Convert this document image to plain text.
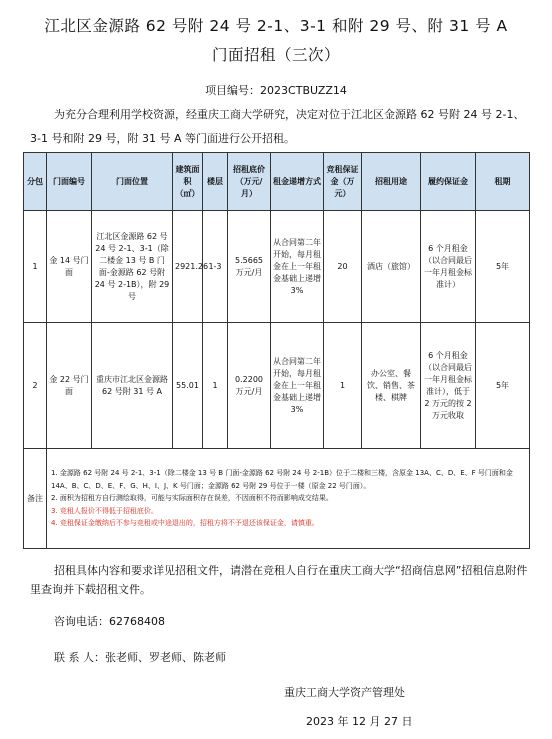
江北区金源路 62 号附 24 号 2-1、3-1 和附 29 号、附 31 号 A
门面招租（三次）
项目编号：2023CTBUZZ14
为充分合理利用学校资源，经重庆工商大学研究，决定对位于江北区金源路 62 号附 24 号 2-1、3-1 号和附 29 号，附 31 号 A 等门面进行公开招租。
分包	门面编号	门面位置	建筑面积（㎡）	楼层	招租底价（万元/月）	租金递增方式	竞租保证金（万元）	招租用途	履约保证金	租期
1	金 14 号门面	江北区金源路 62 号 24 号 2-1、3-1（除二楼金 13 号 B 门面-金源路 62 号附 24 号 2-1B），附 29 号	2921.26	1-3	5.5665 万元/月	从合同第二年开始，每月租金在上一年租金基础上递增 3%	20	酒店（旅馆）	6 个月租金（以合同最后一年月租金标准计）	5年
2	金 22 号门面	重庆市江北区金源路 62 号附 31 号 A	55.01	1	0.2200 万元/月	从合同第二年开始，每月租金在上一年租金基础上递增 3%	1	办公室、餐饮、销售、茶楼、棋牌	6 个月租金（以合同最后一年月租金标准计），低于 2 万元的按 2 万元收取	5年
备注	1. 金源路 62 号附 24 号 2-1、3-1（除二楼金 13 号 B 门面-金源路 62 号附 24 号 2-1B）位于二楼和三楼，含原金 13A、C、D、E、F 号门面和金 14A、B、C、D、E、F、G、H、I、J、K 号门面；金源路 62 号附 29 号位于一楼（原金 22 号门面）。
2. 面积为招租方自行测绘取得，可能与实际面积存在误差，不因面积不符而影响成交结果。
3. 竞租人报价不得低于招租底价。
4. 竞租保证金缴纳后不参与竞租或中途退出的，招租方将不予退还该保证金，请慎重。									
招租具体内容和要求详见招租文件，请潜在竞租人自行在重庆工商大学“招商信息网”招租信息附件里查询并下载招租文件。
咨询电话：62768408
联 系 人：张老师、罗老师、陈老师
重庆工商大学资产管理处
2023 年 12 月 27 日
